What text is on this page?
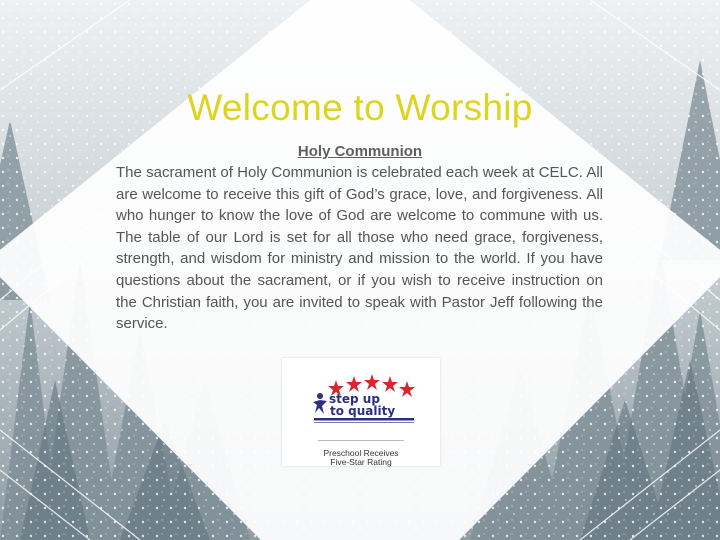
Welcome to Worship
Holy Communion

The sacrament of Holy Communion is celebrated each week at CELC. All are welcome to receive this gift of God’s grace, love, and forgiveness. All who hunger to know the love of God are welcome to commune with us. The table of our Lord is set for all those who need grace, forgiveness, strength, and wisdom for ministry and mission to the world. If you have questions about the sacrament, or if you wish to receive instruction on the Christian faith, you are invited to speak with Pastor Jeff following the service.

step up
to quality
Preschool Receives
Five-Star Rating
